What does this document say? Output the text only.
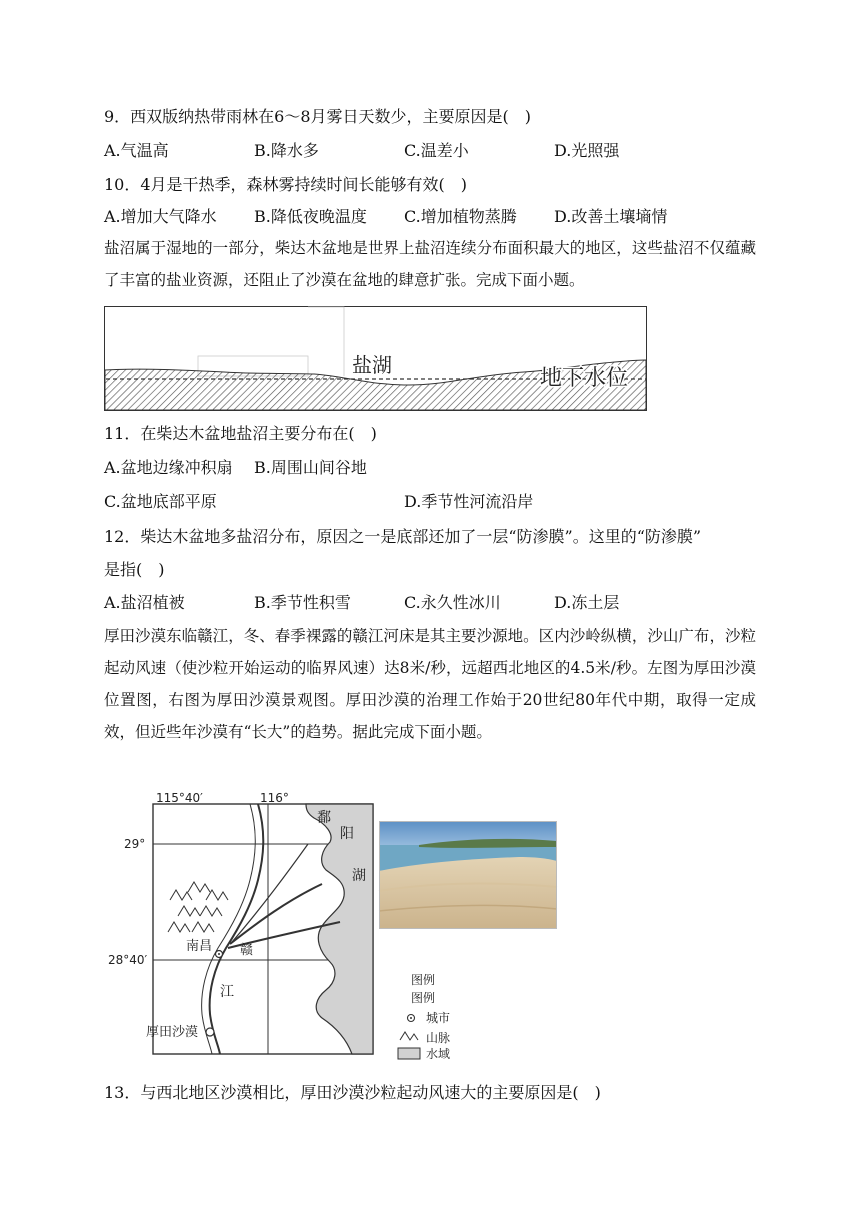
9．西双版纳热带雨林在6～8月雾日天数少，主要原因是(　)
A.气温高	B.降水多	C.温差小	D.光照强
10．4月是干热季，森林雾持续时间长能够有效(　)
A.增加大气降水 B.降低夜晚温度 C.增加植物蒸腾 D.改善土壤墒情
盐沼属于湿地的一部分，柴达木盆地是世界上盐沼连续分布面积最大的地区，这些盐沼不仅蕴藏了丰富的盐业资源，还阻止了沙漠在盆地的肆意扩张。完成下面小题。
盐湖
地下水位
11．在柴达木盆地盐沼主要分布在(　)
A.盆地边缘冲积扇 B.周围山间谷地
C.盆地底部平原	D.季节性河流沿岸
12．柴达木盆地多盐沼分布，原因之一是底部还加了一层“防渗膜”。这里的“防渗膜”
是指(　)
A.盐沼植被	B.季节性积雪	C.永久性冰川	D.冻土层
厚田沙漠东临赣江，冬、春季裸露的赣江河床是其主要沙源地。区内沙岭纵横，沙山广布，沙粒起动风速（使沙粒开始运动的临界风速）达8米/秒，远超西北地区的4.5米/秒。左图为厚田沙漠位置图，右图为厚田沙漠景观图。厚田沙漠的治理工作始于20世纪80年代中期，取得一定成效，但近些年沙漠有“长大”的趋势。据此完成下面小题。
115°40′	116°
29°
28°40′
鄱
阳
湖
南昌 赣
江
厚田沙漠
图例
图例
城市
山脉
水域
13．与西北地区沙漠相比，厚田沙漠沙粒起动风速大的主要原因是(　)
